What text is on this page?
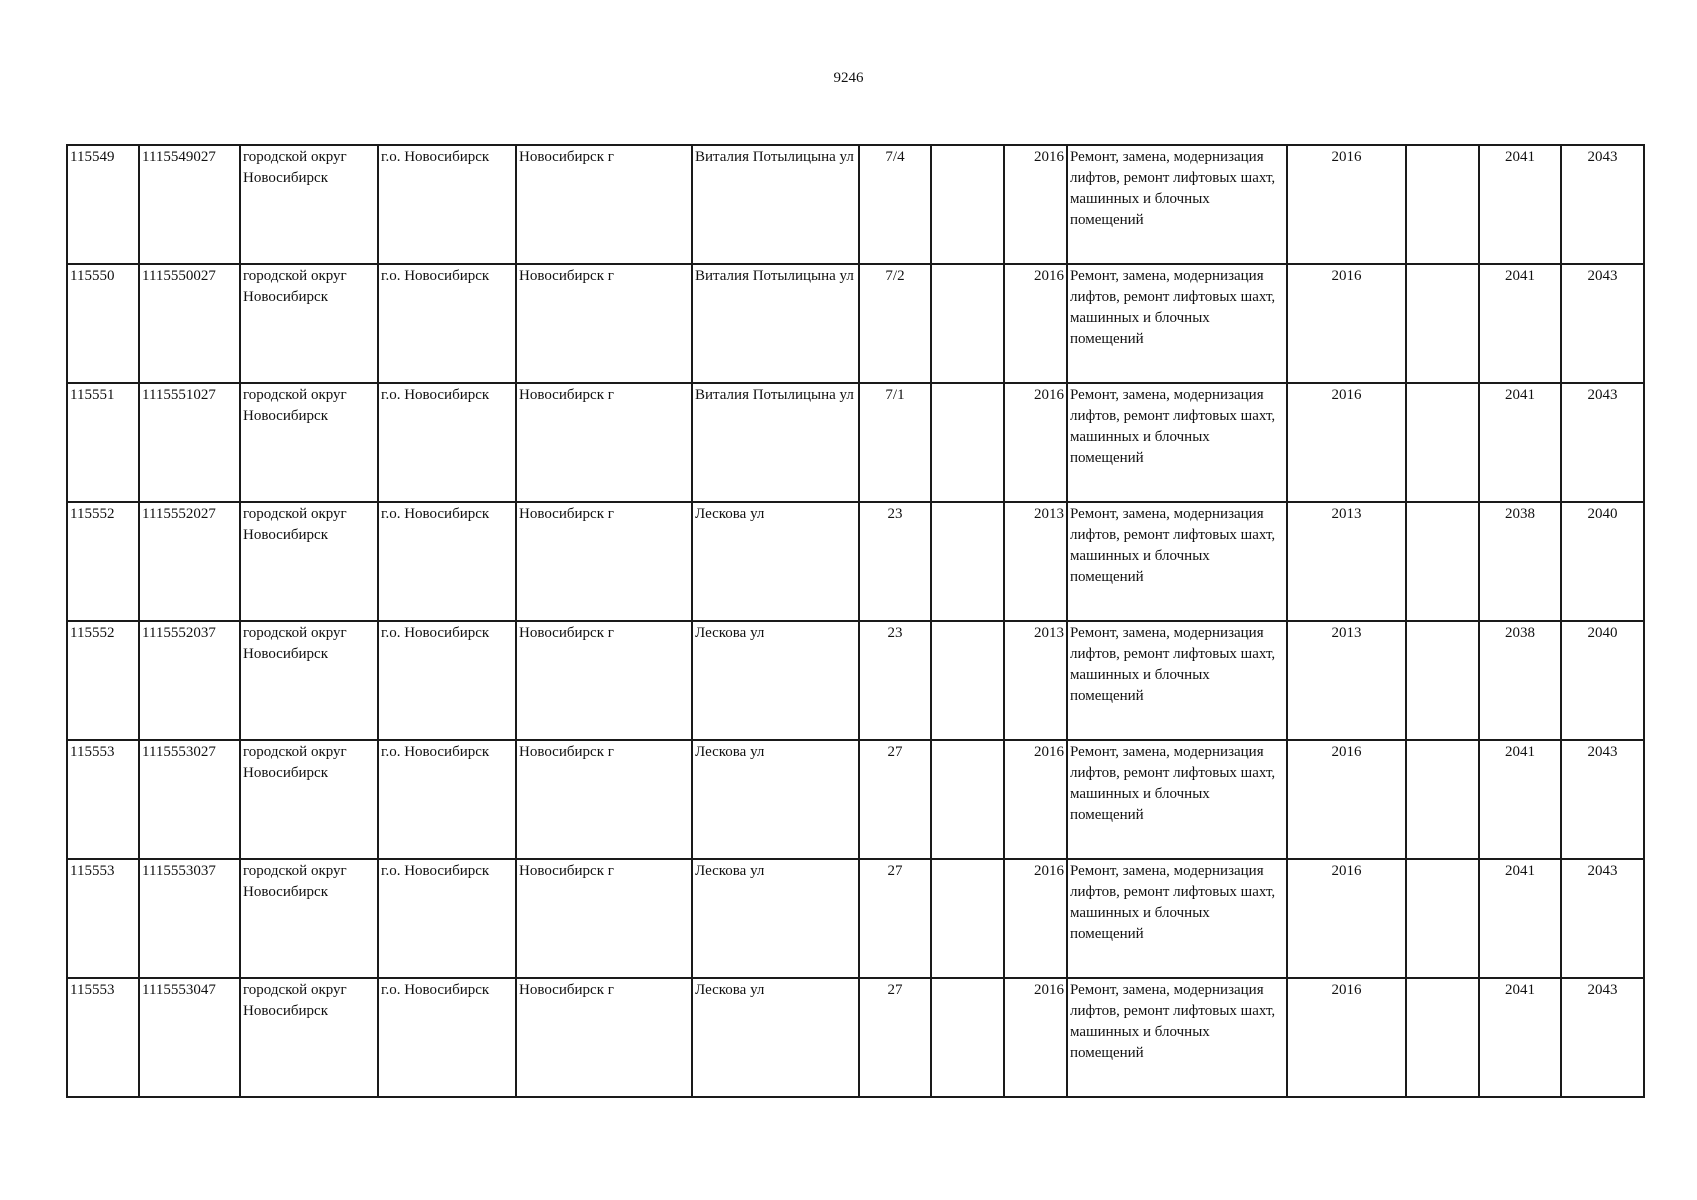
9246
115549	1115549027	городской округ Новосибирск	г.о. Новосибирск	Новосибирск г	Виталия Потылицына ул	7/4		2016	Ремонт, замена, модернизация лифтов, ремонт лифтовых шахт, машинных и блочных помещений	2016		2041	2043
115550	1115550027	городской округ Новосибирск	г.о. Новосибирск	Новосибирск г	Виталия Потылицына ул	7/2		2016	Ремонт, замена, модернизация лифтов, ремонт лифтовых шахт, машинных и блочных помещений	2016		2041	2043
115551	1115551027	городской округ Новосибирск	г.о. Новосибирск	Новосибирск г	Виталия Потылицына ул	7/1		2016	Ремонт, замена, модернизация лифтов, ремонт лифтовых шахт, машинных и блочных помещений	2016		2041	2043
115552	1115552027	городской округ Новосибирск	г.о. Новосибирск	Новосибирск г	Лескова ул	23		2013	Ремонт, замена, модернизация лифтов, ремонт лифтовых шахт, машинных и блочных помещений	2013		2038	2040
115552	1115552037	городской округ Новосибирск	г.о. Новосибирск	Новосибирск г	Лескова ул	23		2013	Ремонт, замена, модернизация лифтов, ремонт лифтовых шахт, машинных и блочных помещений	2013		2038	2040
115553	1115553027	городской округ Новосибирск	г.о. Новосибирск	Новосибирск г	Лескова ул	27		2016	Ремонт, замена, модернизация лифтов, ремонт лифтовых шахт, машинных и блочных помещений	2016		2041	2043
115553	1115553037	городской округ Новосибирск	г.о. Новосибирск	Новосибирск г	Лескова ул	27		2016	Ремонт, замена, модернизация лифтов, ремонт лифтовых шахт, машинных и блочных помещений	2016		2041	2043
115553	1115553047	городской округ Новосибирск	г.о. Новосибирск	Новосибирск г	Лескова ул	27		2016	Ремонт, замена, модернизация лифтов, ремонт лифтовых шахт, машинных и блочных помещений	2016		2041	2043
